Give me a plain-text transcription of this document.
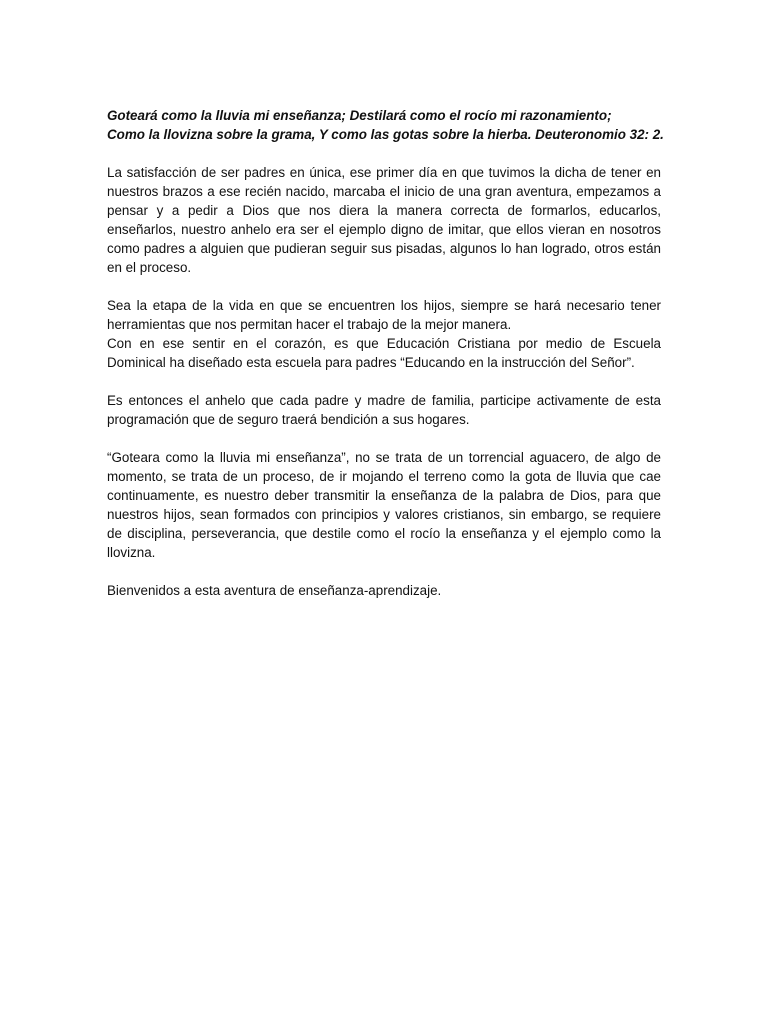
Goteará como la lluvia mi enseñanza; Destilará como el rocío mi razonamiento;
Como la llovizna sobre la grama, Y como las gotas sobre la hierba. Deuteronomio 32: 2.

La satisfacción de ser padres en única, ese primer día en que tuvimos la dicha de tener en nuestros brazos a ese recién nacido, marcaba el inicio de una gran aventura, empezamos a pensar y a pedir a Dios que nos diera la manera correcta de formarlos, educarlos, enseñarlos, nuestro anhelo era ser el ejemplo digno de imitar, que ellos vieran en nosotros como padres a alguien que pudieran seguir sus pisadas, algunos lo han logrado, otros están en el proceso.

Sea la etapa de la vida en que se encuentren los hijos, siempre se hará necesario tener herramientas que nos permitan hacer el trabajo de la mejor manera.
Con en ese sentir en el corazón, es que Educación Cristiana por medio de Escuela Dominical ha diseñado esta escuela para padres “Educando en la instrucción del Señor”.

Es entonces el anhelo que cada padre y madre de familia, participe activamente de esta programación que de seguro traerá bendición a sus hogares.

“Goteara como la lluvia mi enseñanza”, no se trata de un torrencial aguacero, de algo de momento, se trata de un proceso, de ir mojando el terreno como la gota de lluvia que cae continuamente, es nuestro deber transmitir la enseñanza de la palabra de Dios, para que nuestros hijos, sean formados con principios y valores cristianos, sin embargo, se requiere de disciplina, perseverancia, que destile como el rocío la enseñanza y el ejemplo como la llovizna.

Bienvenidos a esta aventura de enseñanza-aprendizaje.
